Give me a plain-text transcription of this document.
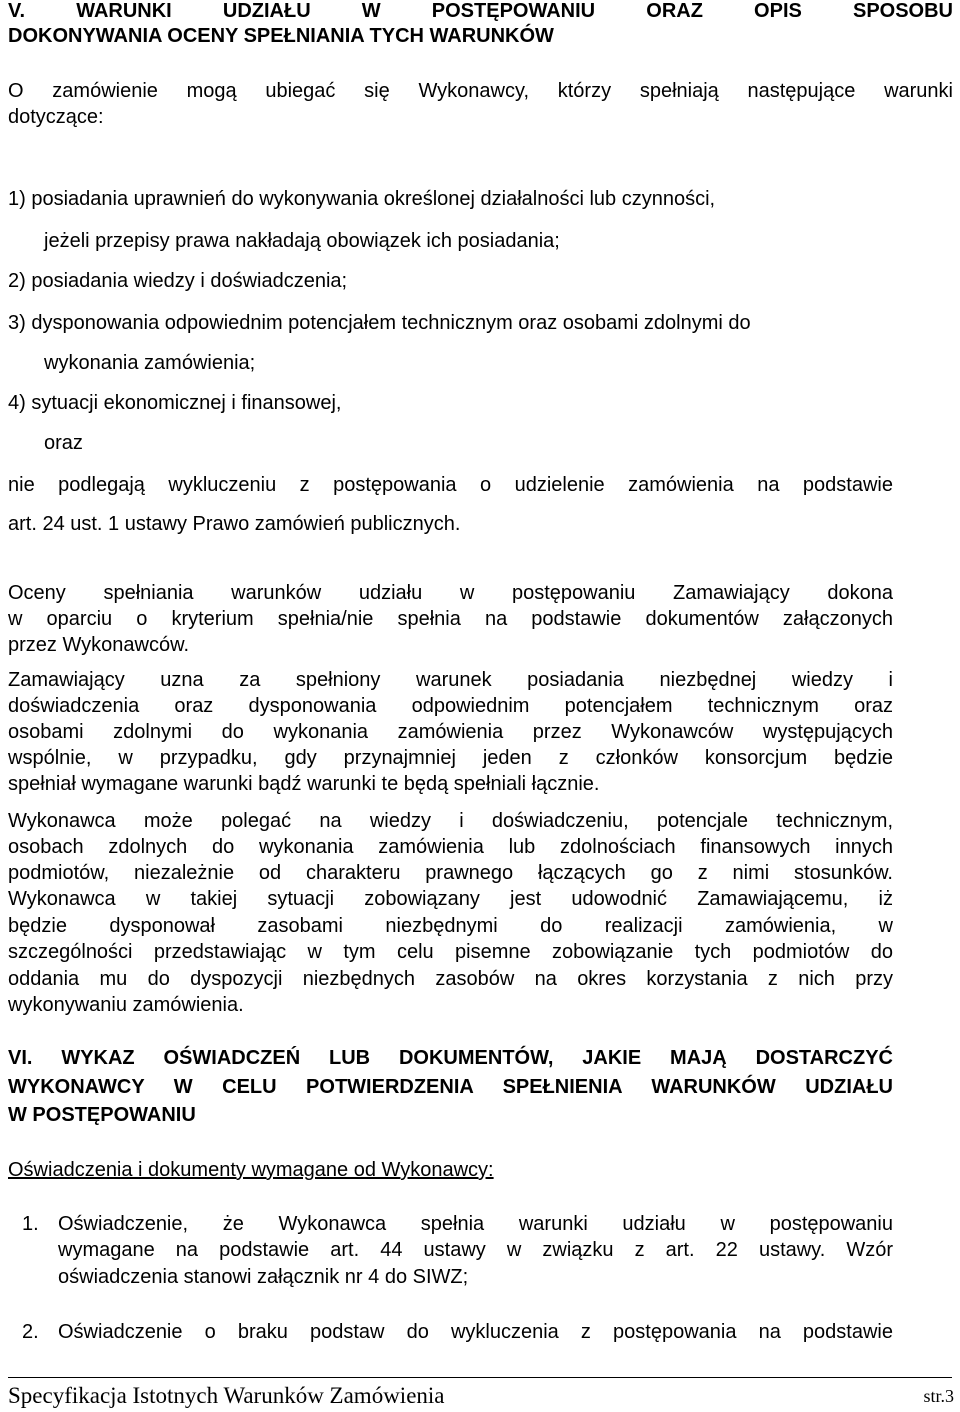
V. WARUNKI UDZIAŁU W POSTĘPOWANIU ORAZ OPIS SPOSOBU
DOKONYWANIA OCENY SPEŁNIANIA TYCH WARUNKÓW
O zamówienie mogą ubiegać się Wykonawcy, którzy spełniają następujące warunki
dotyczące:
1) posiadania uprawnień do wykonywania określonej działalności lub czynności,
jeżeli przepisy prawa nakładają obowiązek ich posiadania;
2) posiadania wiedzy i doświadczenia;
3) dysponowania odpowiednim potencjałem technicznym oraz osobami zdolnymi do
wykonania zamówienia;
4) sytuacji ekonomicznej i finansowej,
oraz
nie podlegają wykluczeniu z postępowania o udzielenie zamówienia na podstawie
art. 24 ust. 1 ustawy Prawo zamówień publicznych.
Oceny spełniania warunków udziału w postępowaniu Zamawiający dokona
w oparciu o kryterium spełnia/nie spełnia na podstawie dokumentów załączonych
przez Wykonawców.
Zamawiający uzna za spełniony warunek posiadania niezbędnej wiedzy i
doświadczenia oraz dysponowania odpowiednim potencjałem technicznym oraz
osobami zdolnymi do wykonania zamówienia przez Wykonawców występujących
wspólnie, w przypadku, gdy przynajmniej jeden z członków konsorcjum będzie
spełniał wymagane warunki bądź warunki te będą spełniali łącznie.
Wykonawca może polegać na wiedzy i doświadczeniu, potencjale technicznym,
osobach zdolnych do wykonania zamówienia lub zdolnościach finansowych innych
podmiotów, niezależnie od charakteru prawnego łączących go z nimi stosunków.
Wykonawca w takiej sytuacji zobowiązany jest udowodnić Zamawiającemu, iż
będzie dysponował zasobami niezbędnymi do realizacji zamówienia, w
szczególności przedstawiając w tym celu pisemne zobowiązanie tych podmiotów do
oddania mu do dyspozycji niezbędnych zasobów na okres korzystania z nich przy
wykonywaniu zamówienia.
VI. WYKAZ OŚWIADCZEŃ LUB DOKUMENTÓW, JAKIE MAJĄ DOSTARCZYĆ
WYKONAWCY W CELU POTWIERDZENIA SPEŁNIENIA WARUNKÓW UDZIAŁU
W POSTĘPOWANIU
Oświadczenia i dokumenty wymagane od Wykonawcy:
1. Oświadczenie, że Wykonawca spełnia warunki udziału w postępowaniu
wymagane na podstawie art. 44 ustawy w związku z art. 22 ustawy. Wzór
oświadczenia stanowi załącznik nr 4 do SIWZ;
2. Oświadczenie o braku podstaw do wykluczenia z postępowania na podstawie
Specyfikacja Istotnych Warunków Zamówienia	str.3
